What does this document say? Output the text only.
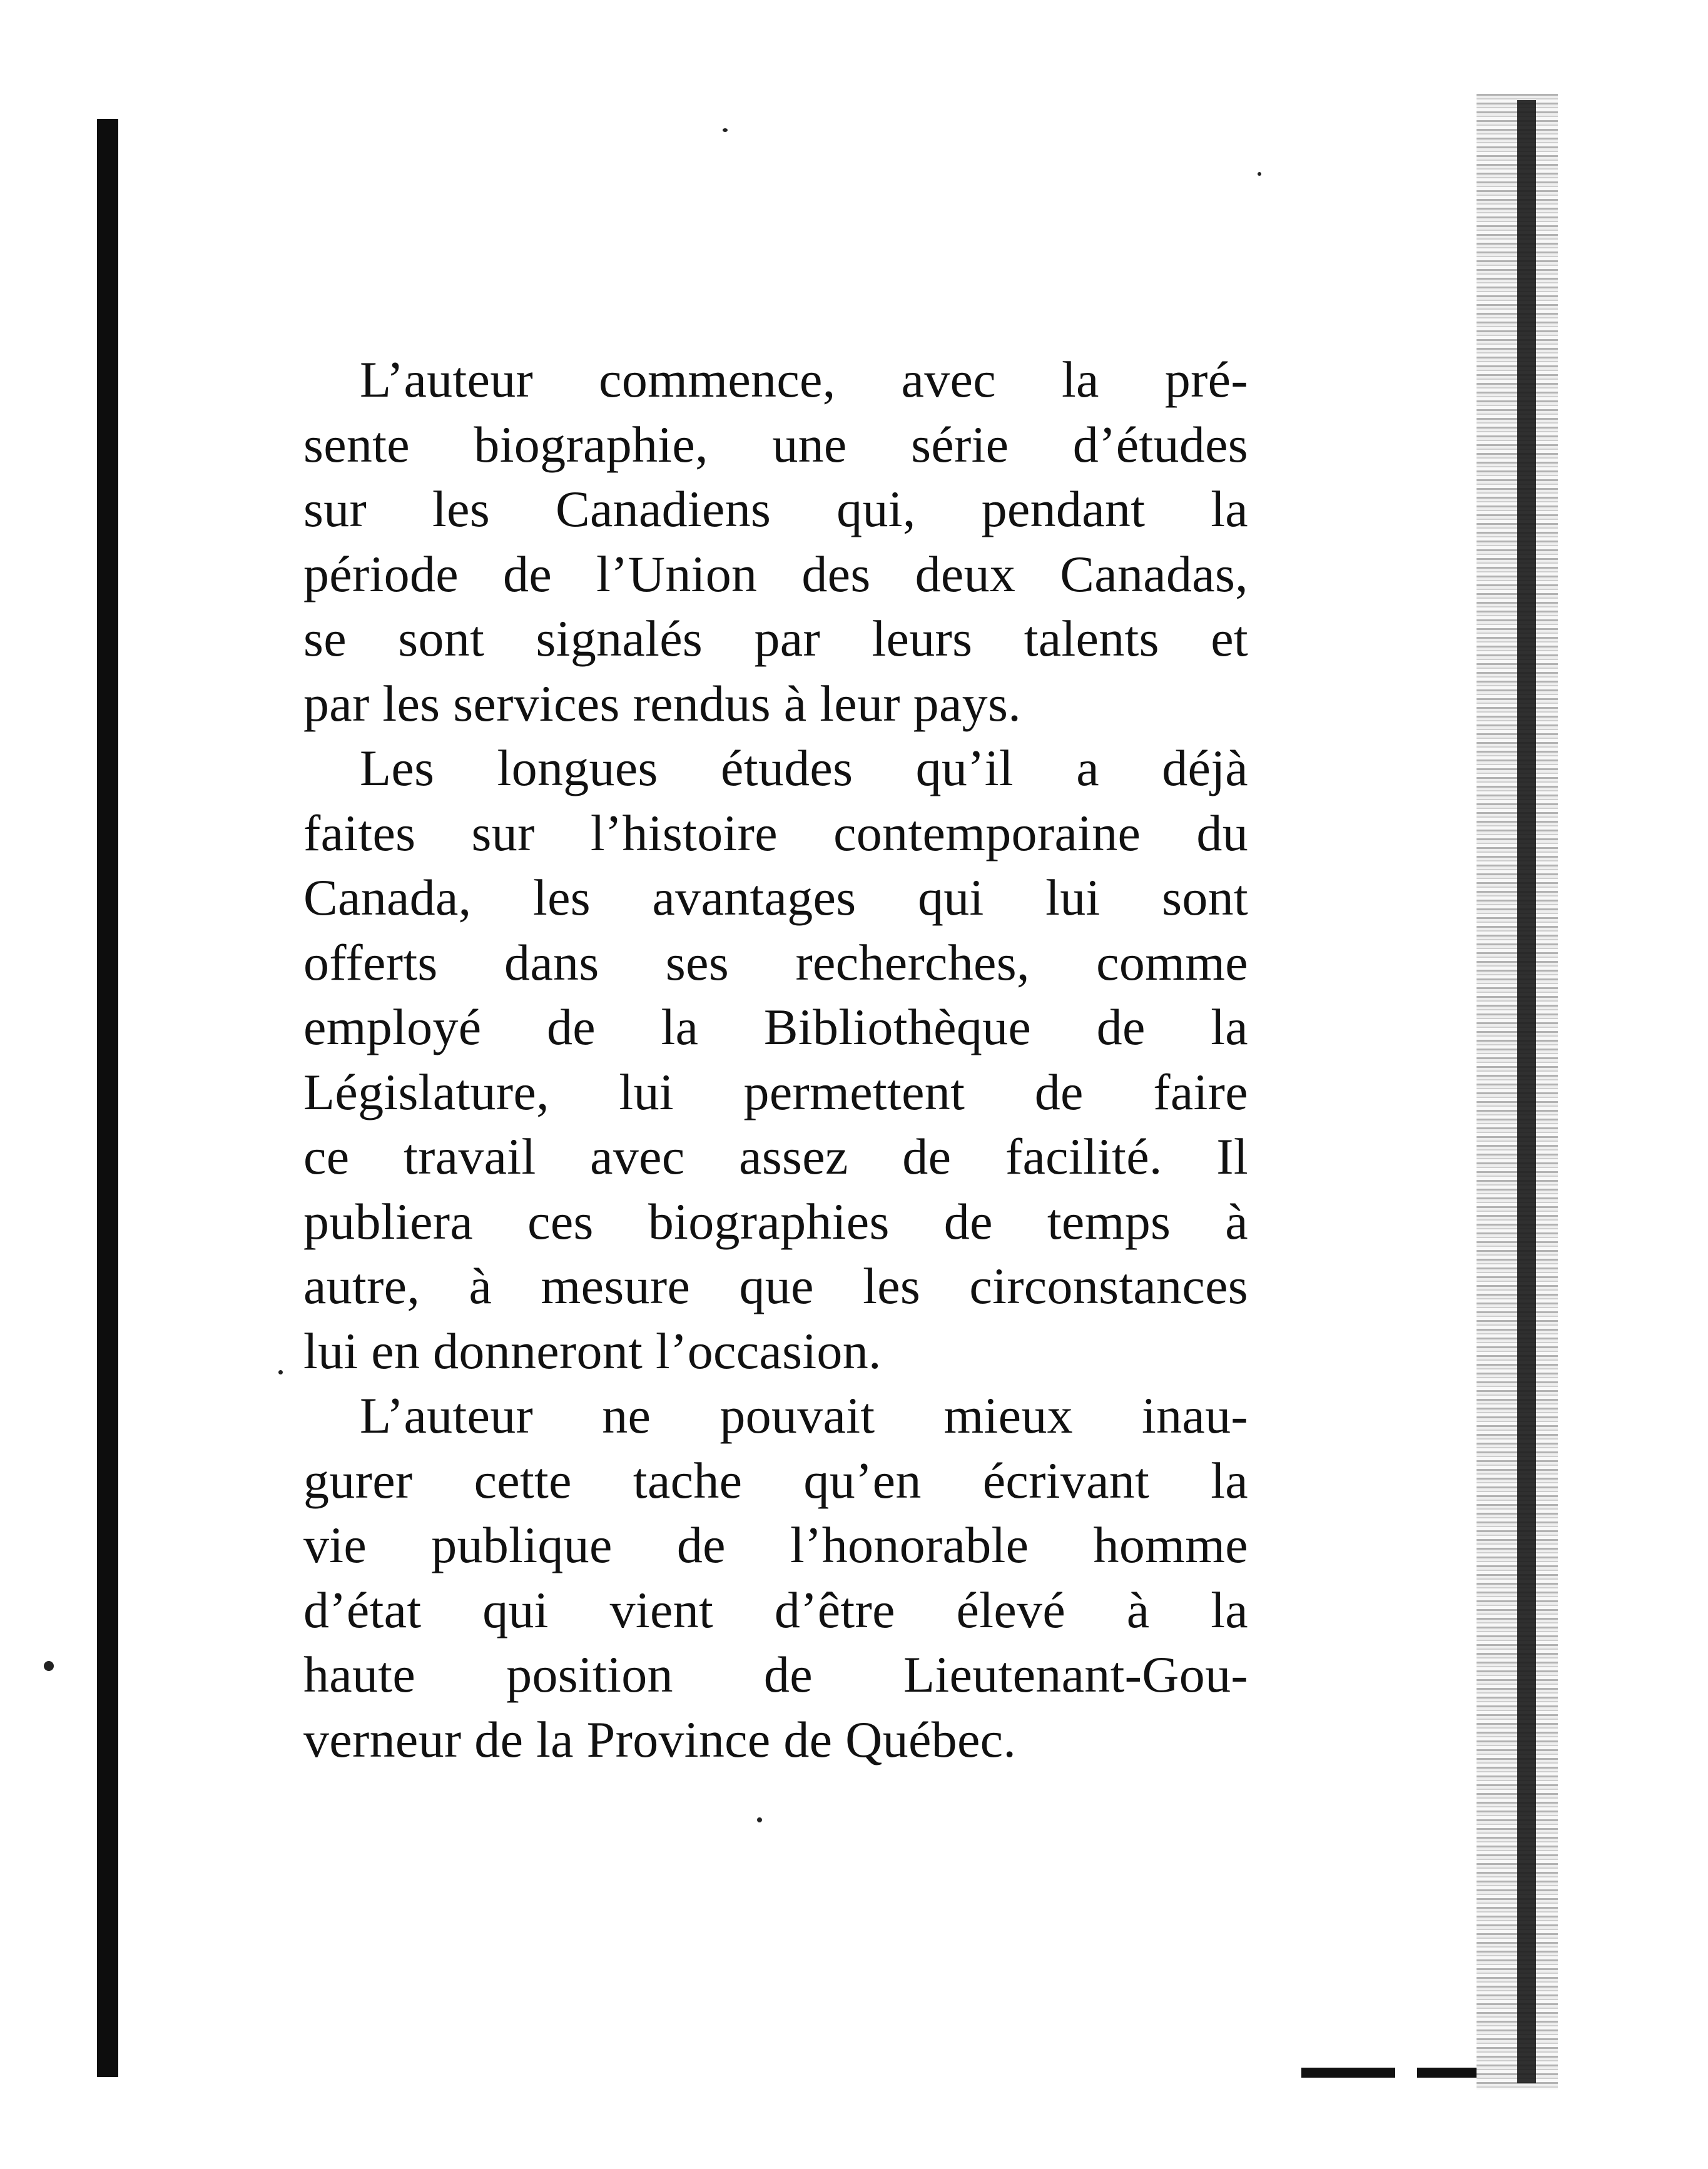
L’auteur commence, avec la pré-
sente biographie, une série d’études
sur les Canadiens qui, pendant la
période de l’Union des deux Canadas,
se sont signalés par leurs talents et
par les services rendus à leur pays.
Les longues études qu’il a déjà
faites sur l’histoire contemporaine du
Canada, les avantages qui lui sont
offerts dans ses recherches, comme
employé de la Bibliothèque de la
Législature, lui permettent de faire
ce travail avec assez de facilité. Il
publiera ces biographies de temps à
autre, à mesure que les circonstances
lui en donneront l’occasion.
L’auteur ne pouvait mieux inau-
gurer cette tache qu’en écrivant la
vie publique de l’honorable homme
d’état qui vient d’être élevé à la
haute position de Lieutenant-Gou-
verneur de la Province de Québec.
